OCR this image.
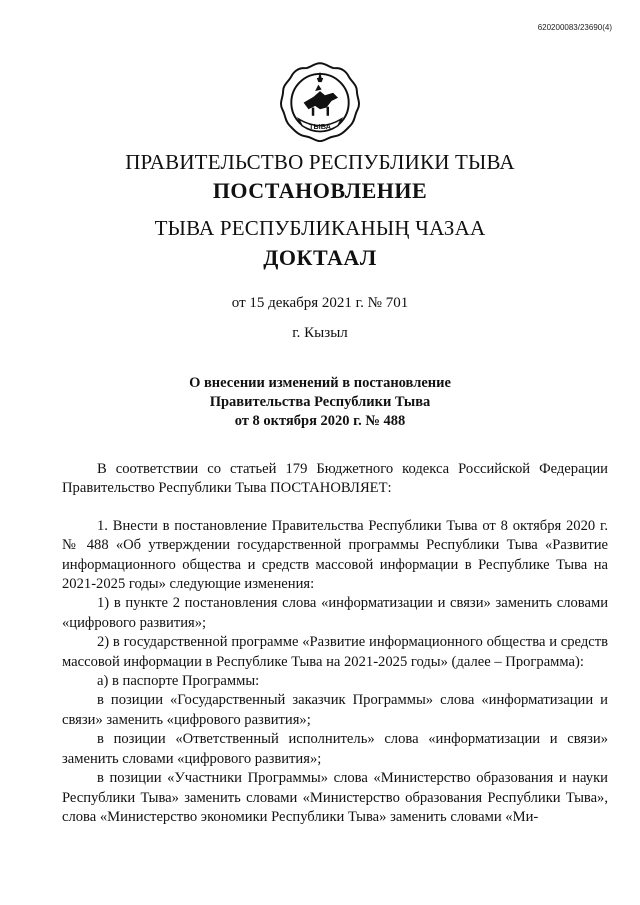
620200083/23690(4)
ТЫВА
ПРАВИТЕЛЬСТВО РЕСПУБЛИКИ ТЫВА
ПОСТАНОВЛЕНИЕ
ТЫВА РЕСПУБЛИКАНЫҢ ЧАЗАА
ДОКТААЛ
от 15 декабря 2021 г. № 701
г. Кызыл
О внесении изменений в постановление
Правительства Республики Тыва
от 8 октября 2020 г. № 488

В соответствии со статьей 179 Бюджетного кодекса Российской Федерации Правительство Республики Тыва ПОСТАНОВЛЯЕТ:

1. Внести в постановление Правительства Республики Тыва от 8 октября 2020 г. № 488 «Об утверждении государственной программы Республики Тыва «Развитие информационного общества и средств массовой информации в Республике Тыва на 2021-2025 годы» следующие изменения:

1) в пункте 2 постановления слова «информатизации и связи» заменить словами «цифрового развития»;

2) в государственной программе «Развитие информационного общества и средств массовой информации в Республике Тыва на 2021-2025 годы» (далее – Программа):

а) в паспорте Программы:

в позиции «Государственный заказчик Программы» слова «информатизации и связи» заменить «цифрового развития»;

в позиции «Ответственный исполнитель» слова «информатизации и связи» заменить словами «цифрового развития»;

в позиции «Участники Программы» слова «Министерство образования и науки Республики Тыва» заменить словами «Министерство образования Республики Тыва», слова «Министерство экономики Республики Тыва» заменить словами «Ми-
